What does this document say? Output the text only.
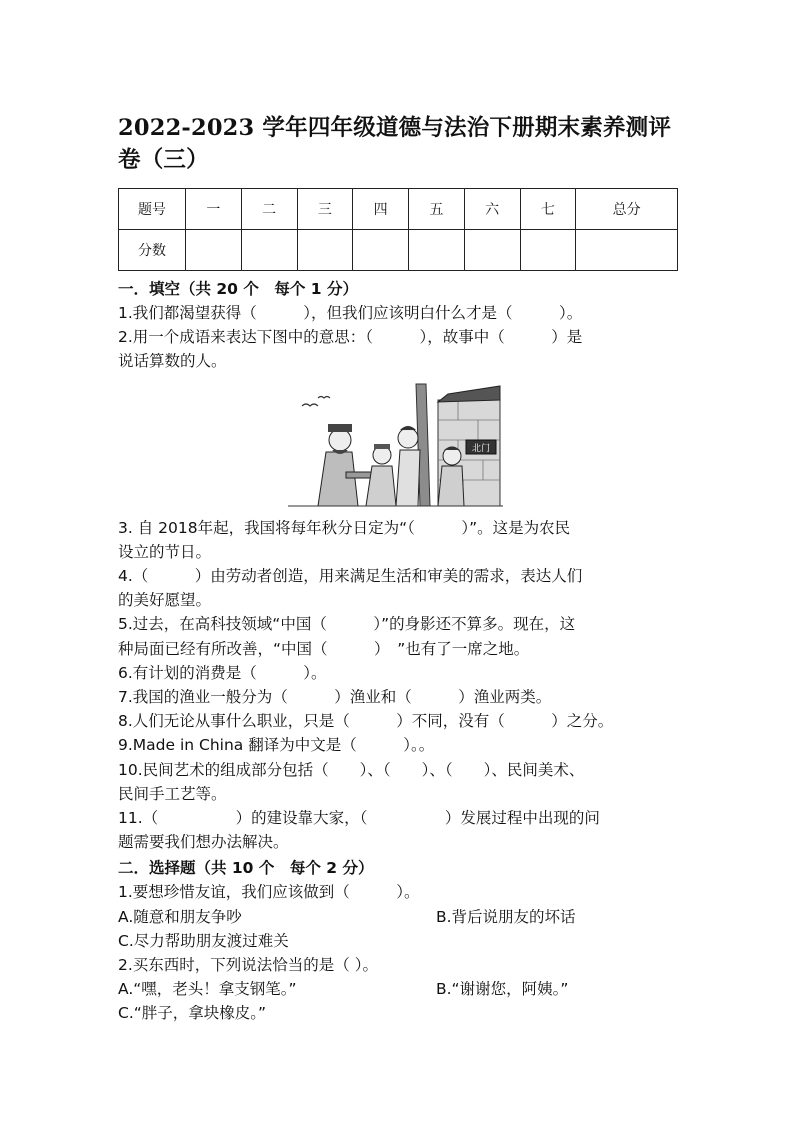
2022-2023 学年四年级道德与法治下册期末素养测评
卷（三）
题号	一	二	三	四	五	六	七	总分
分数								
一．填空（共 20 个　每个 1 分）
1.我们都渴望获得（　　　），但我们应该明白什么才是（　　　）。
2.用一个成语来表达下图中的意思：（　　　），故事中（　　　）是
说话算数的人。
北门
3. 自 2018年起，我国将每年秋分日定为“（　　　）”。这是为农民
设立的节日。
4.（　　　）由劳动者创造，用来满足生活和审美的需求，表达人们
的美好愿望。
5.过去，在高科技领域“中国（　　　）”的身影还不算多。现在，这
种局面已经有所改善，“中国（　　　）　”也有了一席之地。
6.有计划的消费是（　　　）。
7.我国的渔业一般分为（　　　）渔业和（　　　）渔业两类。
8.人们无论从事什么职业，只是（　　　）不同，没有（　　　）之分。
9.Made in China 翻译为中文是（　　　）。。
10.民间艺术的组成部分包括（　　）、（　　）、（　　）、民间美术、
民间手工艺等。
11.（　　　　　）的建设靠大家，（　　　　　）发展过程中出现的问
题需要我们想办法解决。
二．选择题（共 10 个　每个 2 分）
1.要想珍惜友谊，我们应该做到（　　　）。
A.随意和朋友争吵	B.背后说朋友的坏话
C.尽力帮助朋友渡过难关
2.买东西时，下列说法恰当的是（ ）。
A.“嘿，老头！拿支钢笔。”	B.“谢谢您，阿姨。”
C.“胖子，拿块橡皮。”
